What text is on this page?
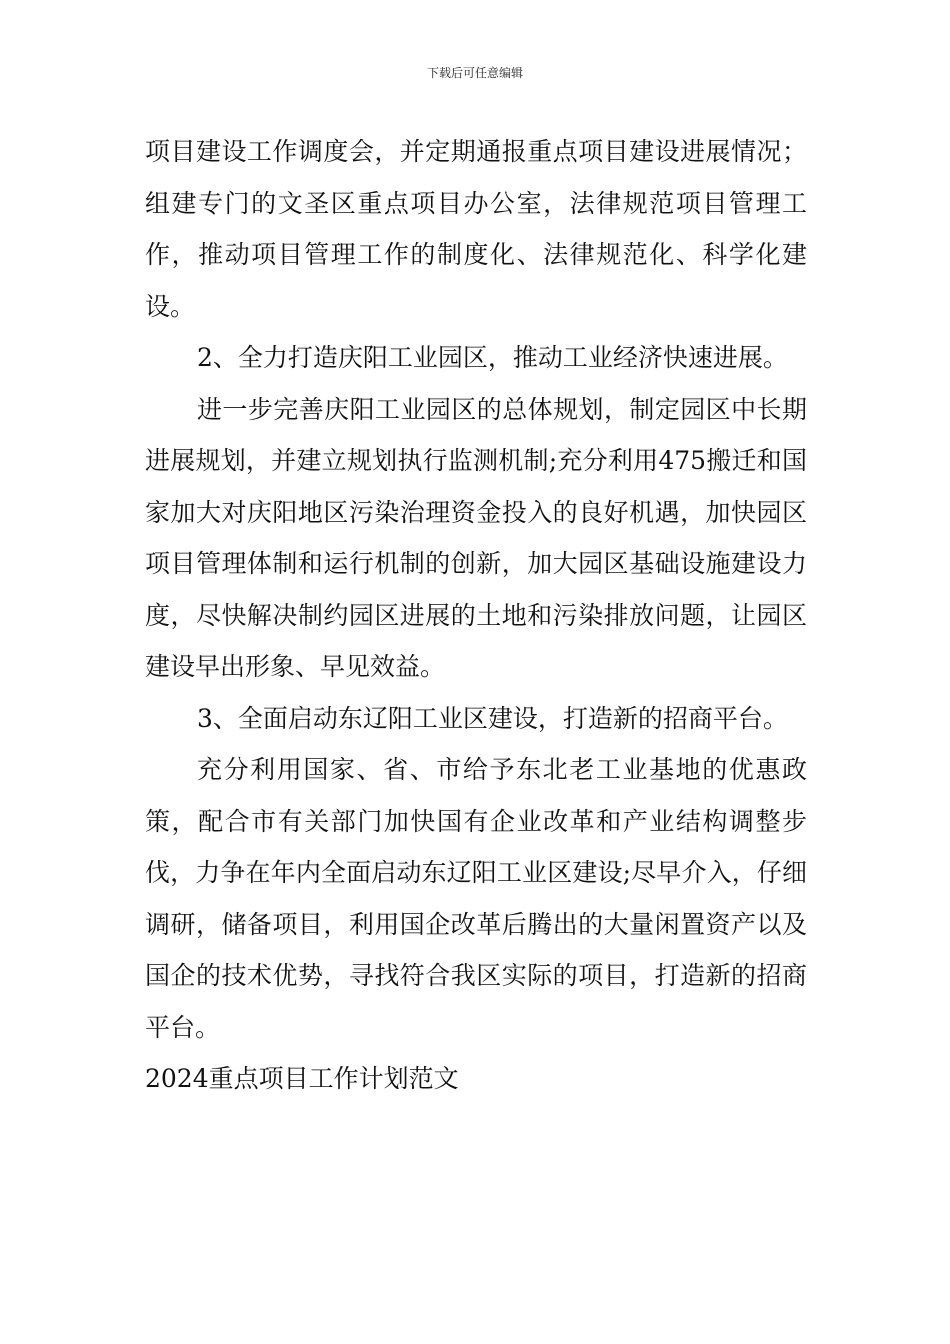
下载后可任意编辑

项目建设工作调度会，并定期通报重点项目建设进展情况；组建专门的文圣区重点项目办公室，法律规范项目管理工作，推动项目管理工作的制度化、法律规范化、科学化建设。

2、全力打造庆阳工业园区，推动工业经济快速进展。

进一步完善庆阳工业园区的总体规划，制定园区中长期进展规划，并建立规划执行监测机制;充分利用475搬迁和国家加大对庆阳地区污染治理资金投入的良好机遇，加快园区项目管理体制和运行机制的创新，加大园区基础设施建设力度，尽快解决制约园区进展的土地和污染排放问题，让园区建设早出形象、早见效益。

3、全面启动东辽阳工业区建设，打造新的招商平台。

充分利用国家、省、市给予东北老工业基地的优惠政策，配合市有关部门加快国有企业改革和产业结构调整步伐，力争在年内全面启动东辽阳工业区建设;尽早介入，仔细调研，储备项目，利用国企改革后腾出的大量闲置资产以及国企的技术优势，寻找符合我区实际的项目，打造新的招商平台。

2024重点项目工作计划范文
